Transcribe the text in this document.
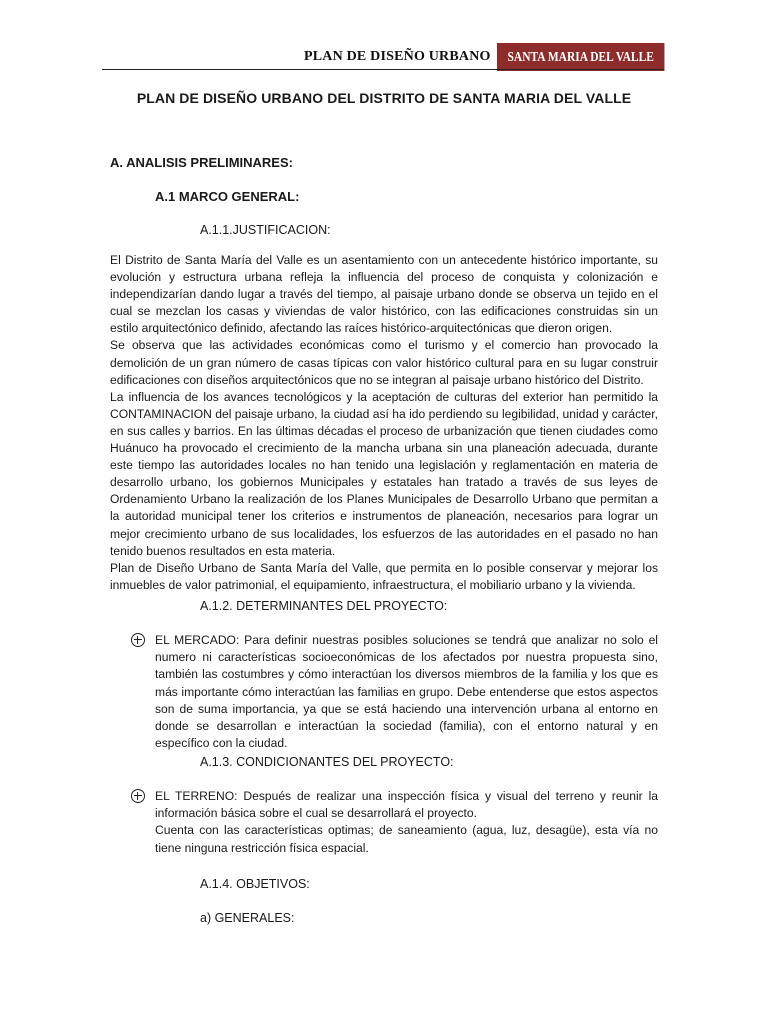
PLAN DE DISEÑO URBANO	SANTA MARIA DEL VALLE
PLAN DE DISEÑO URBANO DEL DISTRITO DE SANTA MARIA DEL VALLE
A. ANALISIS PRELIMINARES:
A.1 MARCO GENERAL:
A.1.1.JUSTIFICACION:

El Distrito de Santa María del Valle es un asentamiento con un antecedente histórico importante, su evolución y estructura urbana refleja la influencia del proceso de conquista y colonización e independizarían dando lugar a través del tiempo, al paisaje urbano donde se observa un tejido en el cual se mezclan los casas y viviendas de valor histórico, con las edificaciones construidas sin un estilo arquitectónico definido, afectando las raíces histórico-arquitectónicas que dieron origen.

Se observa que las actividades económicas como el turismo y el comercio han provocado la demolición de un gran número de casas típicas con valor histórico cultural para en su lugar construir edificaciones con diseños arquitectónicos que no se integran al paisaje urbano histórico del Distrito.

La influencia de los avances tecnológicos y la aceptación de culturas del exterior han permitido la CONTAMINACION del paisaje urbano, la ciudad así ha ido perdiendo su legibilidad, unidad y carácter, en sus calles y barrios. En las últimas décadas el proceso de urbanización que tienen ciudades como Huánuco ha provocado el crecimiento de la mancha urbana sin una planeación adecuada, durante este tiempo las autoridades locales no han tenido una legislación y reglamentación en materia de desarrollo urbano, los gobiernos Municipales y estatales han tratado a través de sus leyes de Ordenamiento Urbano la realización de los Planes Municipales de Desarrollo Urbano que permitan a la autoridad municipal tener los criterios e instrumentos de planeación, necesarios para lograr un mejor crecimiento urbano de sus localidades, los esfuerzos de las autoridades en el pasado no han tenido buenos resultados en esta materia.

Plan de Diseño Urbano de Santa María del Valle, que permita en lo posible conservar y mejorar los inmuebles de valor patrimonial, el equipamiento, infraestructura, el mobiliario urbano y la vivienda.

A.1.2. DETERMINANTES DEL PROYECTO:

EL MERCADO: Para definir nuestras posibles soluciones se tendrá que analizar no solo el numero ni características socioeconómicas de los afectados por nuestra propuesta sino, también las costumbres y cómo interactúan los diversos miembros de la familia y los que es más importante cómo interactúan las familias en grupo. Debe entenderse que estos aspectos son de suma importancia, ya que se está haciendo una intervención urbana al entorno en donde se desarrollan e interactúan la sociedad (familia), con el entorno natural y en específico con la ciudad.

A.1.3. CONDICIONANTES DEL PROYECTO:

EL TERRENO: Después de realizar una inspección física y visual del terreno y reunir la información básica sobre el cual se desarrollará el proyecto.

Cuenta con las características optimas; de saneamiento (agua, luz, desagüe), esta vía no tiene ninguna restricción física espacial.

A.1.4. OBJETIVOS:
a) GENERALES:
